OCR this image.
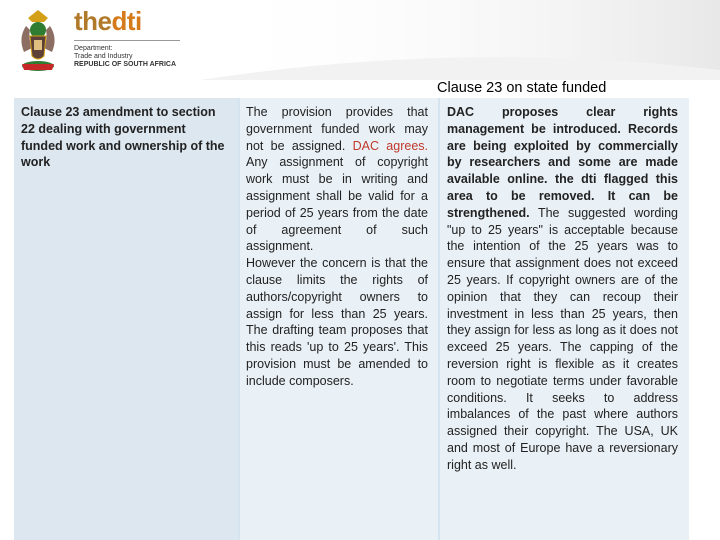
thedti
Department:
Trade and Industry
REPUBLIC OF SOUTH AFRICA
Clause 23 on state funded
Clause 23 amendment to section 22 dealing with government funded work and ownership of the work
The provision provides that government funded work may not be assigned. DAC agrees. Any assignment of copyright work must be in writing and assignment shall be valid for a period of 25 years from the date of agreement of such assignment.
However the concern is that the clause limits the rights of authors/copyright owners to assign for less than 25 years. The drafting team proposes that this reads 'up to 25 years'. This provision must be amended to include composers.
DAC proposes clear rights management be introduced. Records are being exploited by commercially by researchers and some are made available online. the dti flagged this area to be removed. It can be strengthened. The suggested wording "up to 25 years" is acceptable because the intention of the 25 years was to ensure that assignment does not exceed 25 years. If copyright owners are of the opinion that they can recoup their investment in less than 25 years, then they assign for less as long as it does not exceed 25 years. The capping of the reversion right is flexible as it creates room to negotiate terms under favorable conditions. It seeks to address imbalances of the past where authors assigned their copyright. The USA, UK and most of Europe have a reversionary right as well.
